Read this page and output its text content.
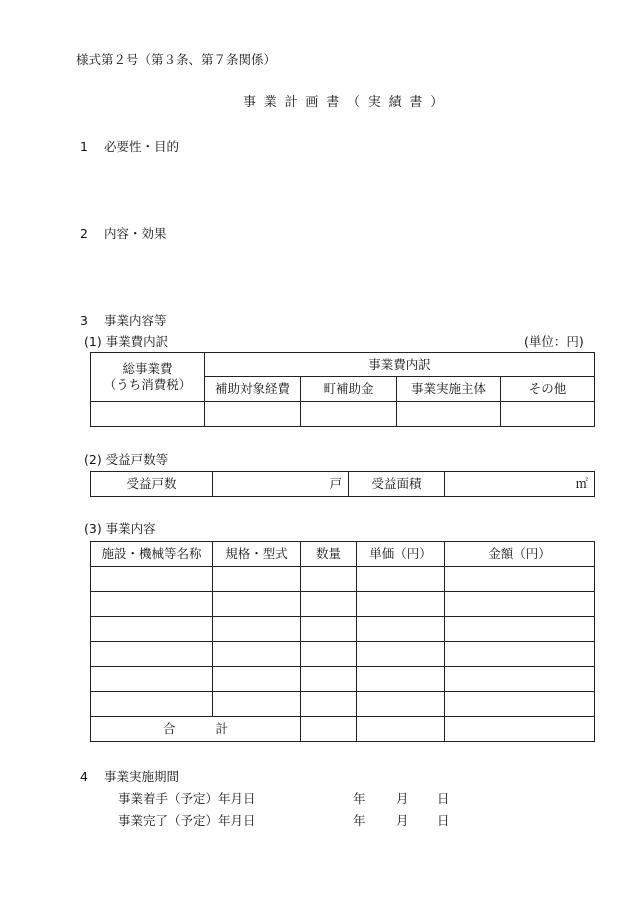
様式第２号（第３条、第７条関係）
事業計画書（実績書）
1 必要性・目的
2 内容・効果
3 事業内容等
(1) 事業費内訳	(単位：円)
総事業費
（うち消費税）	事業費内訳			
	補助対象経費	町補助金	事業実施主体	その他

(2) 受益戸数等
受益戸数	戸	受益面積	㎡
(3) 事業内容
施設・機械等名称	規格・型式	数量	単価（円）	金額（円）

合 計				
4 事業実施期間
事業着手（予定）年月日	年 月 日
事業完了（予定）年月日	年 月 日
